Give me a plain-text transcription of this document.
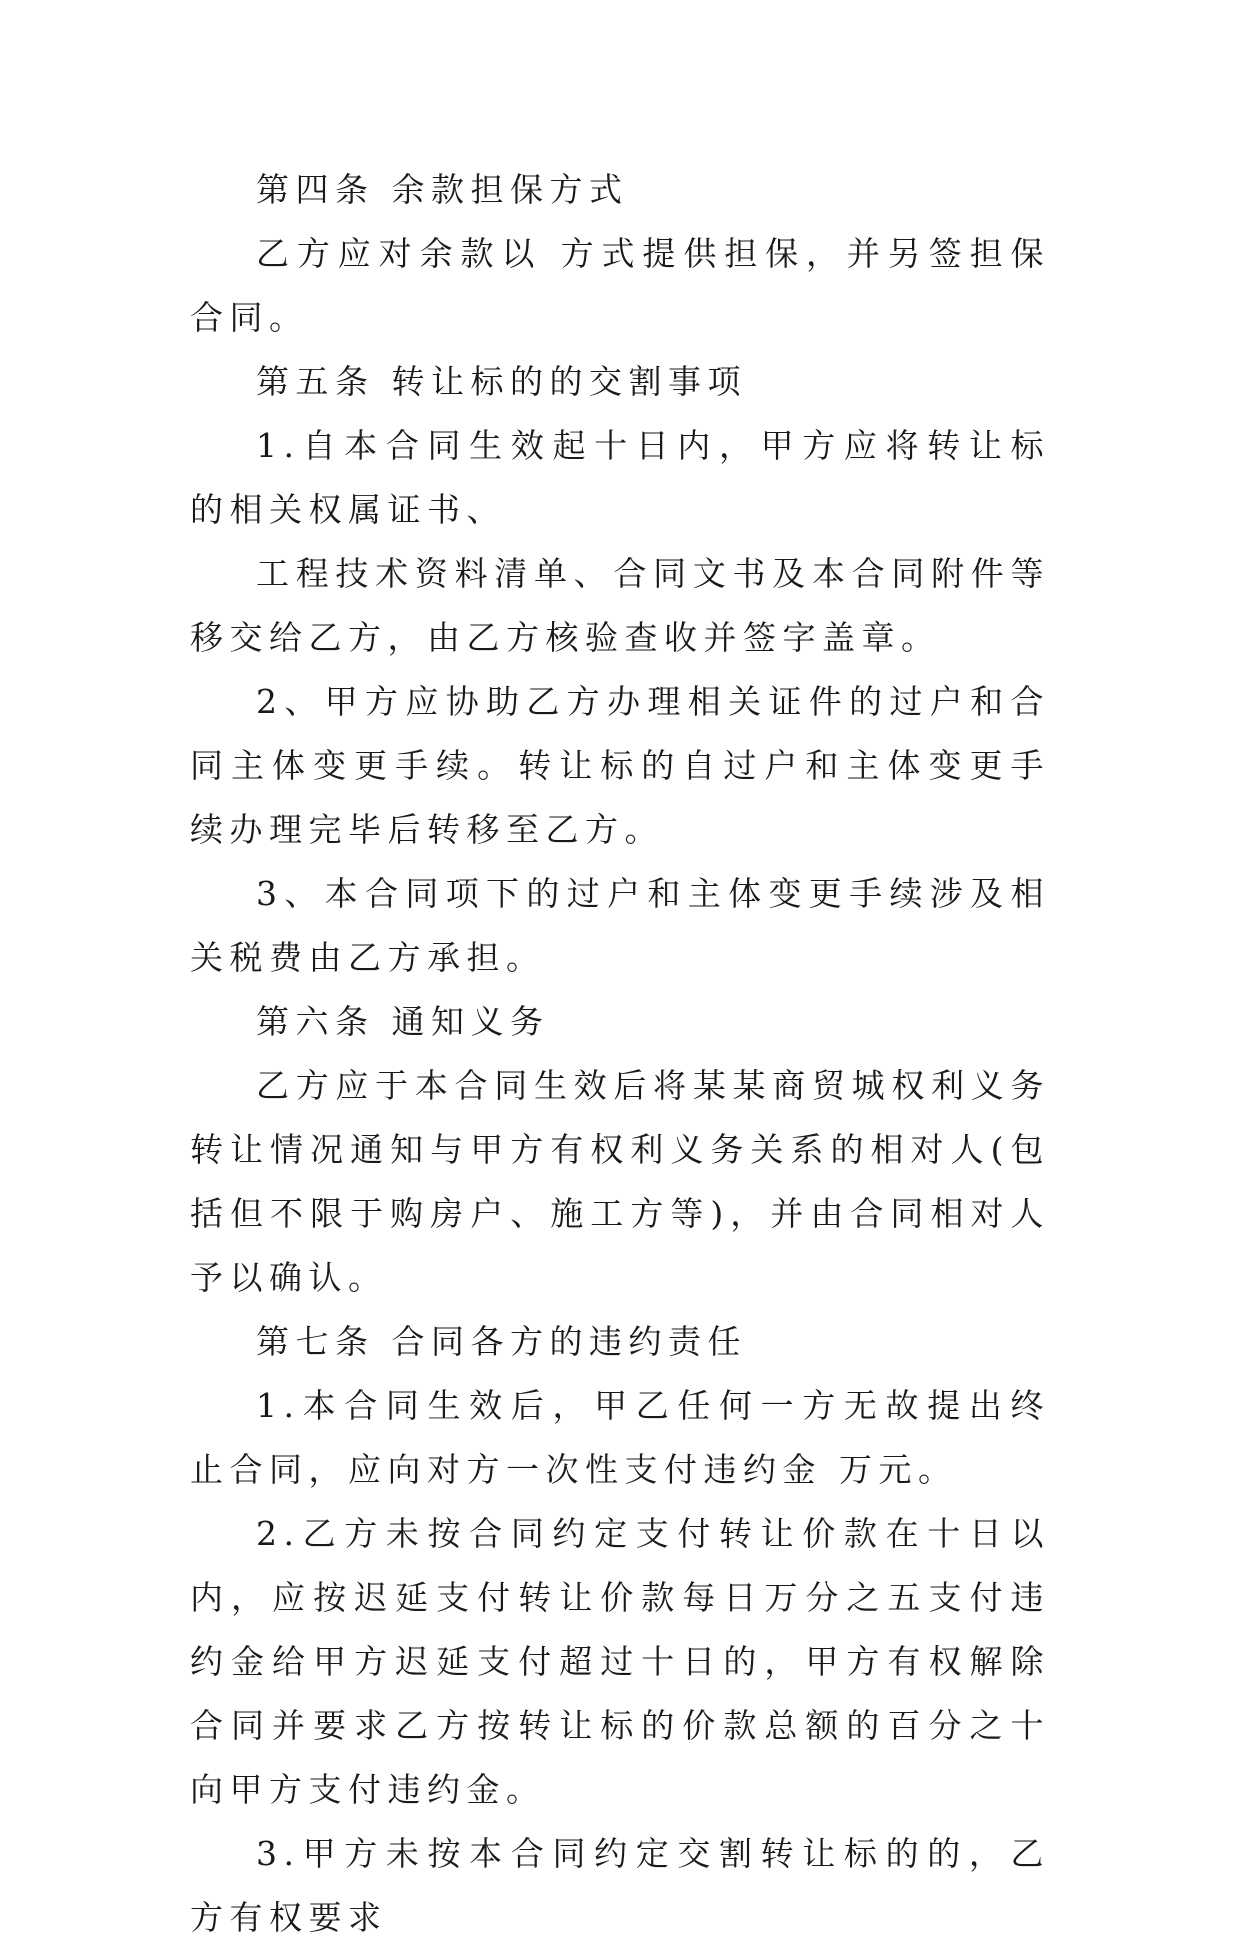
第四条 余款担保方式

乙方应对余款以 方式提供担保，并另签担保合同。

第五条 转让标的的交割事项

1.自本合同生效起十日内，甲方应将转让标的相关权属证书、

工程技术资料清单、合同文书及本合同附件等移交给乙方，由乙方核验查收并签字盖章。

2、甲方应协助乙方办理相关证件的过户和合同主体变更手续。转让标的自过户和主体变更手续办理完毕后转移至乙方。

3、本合同项下的过户和主体变更手续涉及相关税费由乙方承担。

第六条 通知义务

乙方应于本合同生效后将某某商贸城权利义务转让情况通知与甲方有权利义务关系的相对人(包括但不限于购房户、施工方等)，并由合同相对人予以确认。

第七条 合同各方的违约责任

1.本合同生效后，甲乙任何一方无故提出终止合同，应向对方一次性支付违约金 万元。

2.乙方未按合同约定支付转让价款在十日以内，应按迟延支付转让价款每日万分之五支付违约金给甲方迟延支付超过十日的，甲方有权解除合同并要求乙方按转让标的价款总额的百分之十向甲方支付违约金。

3.甲方未按本合同约定交割转让标的的，乙方有权要求
